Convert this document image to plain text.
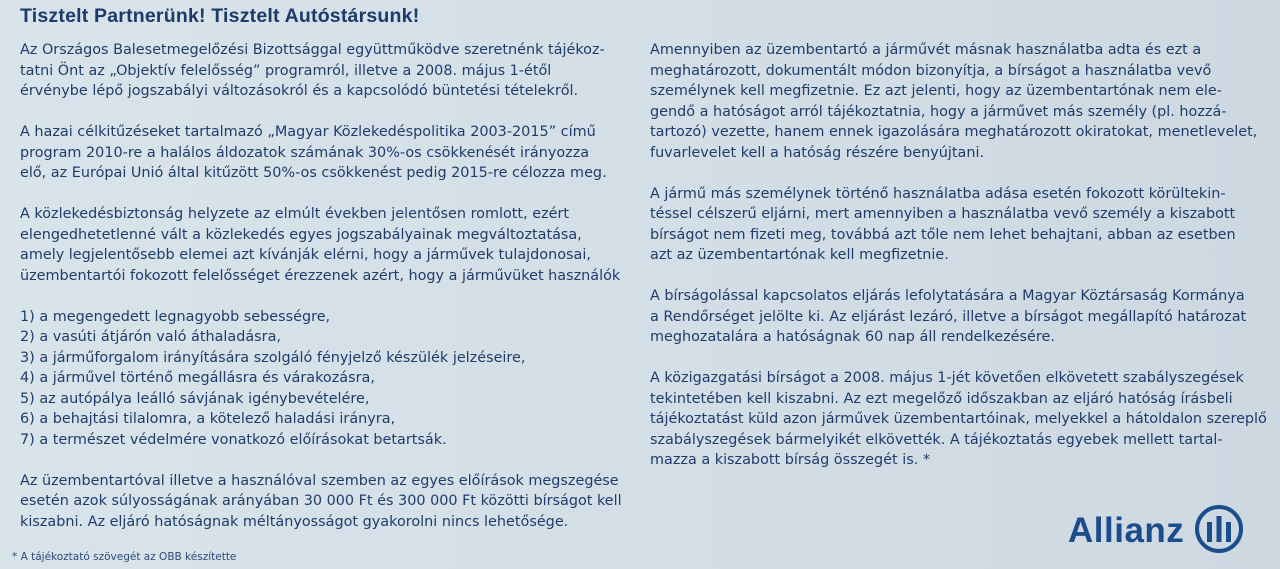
Tisztelt Partnerünk! Tisztelt Autóstársunk!

Az Országos Balesetmegelőzési Bizottsággal együttműködve szeretnénk tájékoz-
tatni Önt az „Objektív felelősség” programról, illetve a 2008. május 1-étől
érvénybe lépő jogszabályi változásokról és a kapcsolódó büntetési tételekről.

A hazai célkitűzéseket tartalmazó „Magyar Közlekedéspolitika 2003-2015” című
program 2010-re a halálos áldozatok számának 30%-os csökkenését irányozza
elő, az Európai Unió által kitűzött 50%-os csökkenést pedig 2015-re célozza meg.

A közlekedésbiztonság helyzete az elmúlt években jelentősen romlott, ezért
elengedhetetlenné vált a közlekedés egyes jogszabályainak megváltoztatása,
amely legjelentősebb elemei azt kívánják elérni, hogy a járművek tulajdonosai,
üzembentartói fokozott felelősséget érezzenek azért, hogy a járművüket használók

1) a megengedett legnagyobb sebességre,
2) a vasúti átjárón való áthaladásra,
3) a járműforgalom irányítására szolgáló fényjelző készülék jelzéseire,
4) a járművel történő megállásra és várakozásra,
5) az autópálya leálló sávjának igénybevételére,
6) a behajtási tilalomra, a kötelező haladási irányra,
7) a természet védelmére vonatkozó előírásokat betartsák.

Az üzembentartóval illetve a használóval szemben az egyes előírások megszegése
esetén azok súlyosságának arányában 30 000 Ft és 300 000 Ft közötti bírságot kell
kiszabni. Az eljáró hatóságnak méltányosságot gyakorolni nincs lehetősége.

Amennyiben az üzembentartó a járművét másnak használatba adta és ezt a
meghatározott, dokumentált módon bizonyítja, a bírságot a használatba vevő
személynek kell megfizetnie. Ez azt jelenti, hogy az üzembentartónak nem ele-
gendő a hatóságot arról tájékoztatnia, hogy a járművet más személy (pl. hozzá-
tartozó) vezette, hanem ennek igazolására meghatározott okiratokat, menetlevelet,
fuvarlevelet kell a hatóság részére benyújtani.

A jármű más személynek történő használatba adása esetén fokozott körültekin-
téssel célszerű eljárni, mert amennyiben a használatba vevő személy a kiszabott
bírságot nem fizeti meg, továbbá azt tőle nem lehet behajtani, abban az esetben
azt az üzembentartónak kell megfizetnie.

A bírságolással kapcsolatos eljárás lefolytatására a Magyar Köztársaság Kormánya
a Rendőrséget jelölte ki. Az eljárást lezáró, illetve a bírságot megállapító határozat
meghozatalára a hatóságnak 60 nap áll rendelkezésére.

A közigazgatási bírságot a 2008. május 1-jét követően elkövetett szabályszegések
tekintetében kell kiszabni. Az ezt megelőző időszakban az eljáró hatóság írásbeli
tájékoztatást küld azon járművek üzembentartóinak, melyekkel a hátoldalon szereplő
szabályszegések bármelyikét elkövették. A tájékoztatás egyebek mellett tartal-
mazza a kiszabott bírság összegét is. *

* A tájékoztató szövegét az OBB készítette
Allianz
